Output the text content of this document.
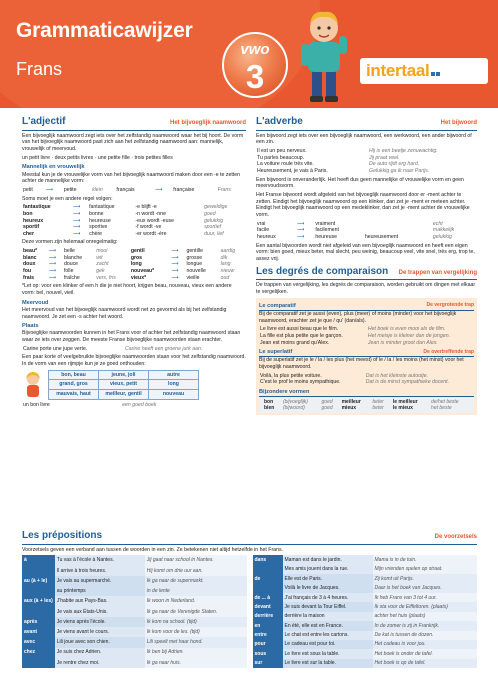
Grammaticawijzer
Frans
vwo
3	intertaal
L'adjectif	Het bijvoeglijk naamwoord

Een bijvoeglijk naamwoord zegt iets over het zelfstandig naamwoord waar het bij hoort. De vorm van het bijvoeglijk naamwoord past zich aan het zelfstandig naamwoord aan: mannelijk, vrouwelijk of meervoud.

un petit livre · deux petits livres · une petite fille · trois petites filles

Mannelijk en vrouwelijk

Meestal kun je de vrouwelijke vorm van het bijvoeglijk naamwoord maken door een -e te zetten achter de mannelijke vorm:

petit	⟶	petite	klein	français	⟶	française	Frans

Soms moet je een andere regel volgen:

fantastique	⟶	fantastique	-e blijft -e	geweldige
bon	⟶	bonne	-n wordt -nne	goed
heureux	⟶	heureuse	-eux wordt -euse	gelukkig
sportif	⟶	sportive	-f wordt -ve	sportief
cher	⟶	chère	-er wordt -ère	duur, lief

Deze vormen zijn helemaal onregelmatig:

beau*	⟶	belle	mooi	gentil	⟶	gentille	aardig
blanc	⟶	blanche	wit	gros	⟶	grosse	dik
doux	⟶	douce	zacht	long	⟶	longue	lang
fou	⟶	folle	gek	nouveau*	⟶	nouvelle	nieuw
frais	⟶	fraîche	vers, fris	vieux*	⟶	vieille	oud

*Let op: voor een klinker of een h die je niet hoort, krijgen beau, nouveau, vieux een andere vorm: bel, nouvel, vieil.

Meervoud

Het meervoud van het bijvoeglijk naamwoord wordt net zo gevormd als bij het zelfstandig naamwoord. Je zet een -s achter het woord.

Plaats

Bijvoeglijke naamwoorden kunnen in het Frans voor of achter het zelfstandig naamwoord staan waar ze iets over zeggen. De meeste Franse bijvoeglijke naamwoorden staan erachter.

Carine porte une jupe verte.	Carine heeft een groene jurk aan.

Een paar korte of veelgebruikte bijvoeglijke naamwoorden staan voor het zelfstandig naamwoord. In de vorm van een rijmpje kun je ze goed onthouden:

bon, beau	jeune, joli	autre
grand, gros	vieux, petit	long
mauvais, haut	meilleur, gentil	nouveau
un bon livre	een goed boek
L'adverbe	Het bijwoord

Een bijwoord zegt iets over een bijvoeglijk naamwoord, een werkwoord, een ander bijwoord of een zin.

Il est un peu nerveux.	Hij is een beetje zenuwachtig.
Tu parles beaucoup.	Jij praat veel.
La voiture roule très vite.	De auto rijdt erg hard.
Heureusement, je vais à Paris.	Gelukkig ga ik naar Parijs.

Een bijwoord is onveranderlijk. Het heeft dus geen mannelijke of vrouwelijke vorm en geen meervoudsvorm.

Het Franse bijwoord wordt afgeleid van het bijvoeglijk naamwoord door er -ment achter te zetten. Eindigt het bijvoeglijk naamwoord op een klinker, dan zet je -ment er meteen achter. Eindigt het bijvoeglijk naamwoord op een medeklinker, dan zet je -ment achter de vrouwelijke vorm.

vrai	⟶	vraiment		echt
facile	⟶	facilement		makkelijk
heureux	⟶	heureuse	heureusement	gelukkig

Een aantal bijwoorden wordt niet afgeleid van een bijvoeglijk naamwoord en heeft een eigen vorm: bien goed, mieux beter, mal slecht, peu weinig, beaucoup veel, vite snel, très erg, trop te, assez vrij.

Les degrés de comparaison De trappen van vergelijking

De trappen van vergelijking, les degrés de comparaison, worden gebruikt om dingen met elkaar te vergelijken.

Le comparatif	De vergrotende trap

Bij de comparatif zet je aussi (even), plus (meer) of moins (minder) voor het bijvoeglijk naamwoord, erachter zet je que / qu' (dan/als).

Le livre est aussi beau que le film.	Het boek is even mooi als de film.
La fille est plus petite que le garçon.	Het meisje is kleiner dan de jongen.
Jean est moins grand qu'Alex.	Jean is minder groot dan Alex.
Le superlatif	De overtreffende trap

Bij de superlatif zet je le / la / les plus (het meest) of le / la / les moins (het minst) voor het bijvoeglijk naamwoord.

Voilà, la plus petite voiture.	Dat is het kleinste autootje.
C'est le prof le moins sympathique.	Dat is de minst sympathieke docent.
Bijzondere vormen
bon	(bijvoeglijk)	goed	meilleur	beter	le meilleur	de/het beste
bien	(bijwoord)	goed	mieux	beter	le mieux	het beste
Les prépositions	De voorzetsels

Voorzetsels geven een verband aan tussen de woorden in een zin. Ze betekenen niet altijd hetzelfde in het Frans.

à	Tu vas à l'école à Nantes.	Jij gaat naar school in Nantes.
	Il arrive à trois heures.	Hij komt om drie uur aan.
au (à + le)	Je vais au supermarché.	Ik ga naar de supermarkt.
	au printemps	in de lente
aux (à + les)	J'habite aux Pays-Bas.	Ik woon in Nederland.
	Je vais aux États-Unis.	Ik ga naar de Verenigde Staten.
après	Je viens après l'école.	Ik kom na school. (tijd)
avant	Je viens avant le cours.	Ik kom voor de les. (tijd)
avec	Lili joue avec son chien.	Lili speelt met haar hond.
chez	Je suis chez Adrien.	Ik ben bij Adrien.
	Je rentre chez moi.	Ik ga naar huis.
dans	Maman est dans le jardin.	Mama is in de tuin.
	Mes amis jouent dans la rue.	Mijn vrienden spelen op straat.
de	Elle est de Paris.	Zij komt uit Parijs.
	Voilà le livre de Jacques.	Daar is het boek van Jacques.
de ... à	J'ai français de 3 à 4 heures.	Ik heb Frans van 3 tot 4 uur.
devant	Je suis devant la Tour Eiffel.	Ik sta voor de Eiffeltoren. (plaats)
derrière	derrière la maison	achter het huis (plaats)
en	En été, elle est en France.	In de zomer is zij in Frankrijk.
entre	Le chat est entre les cartons.	De kat is tussen de dozen.
pour	Le cadeau est pour toi.	Het cadeau is voor jou.
sous	Le livre est sous la table.	Het boek is onder de tafel.
sur	Le livre est sur la table.	Het boek is op de tafel.
